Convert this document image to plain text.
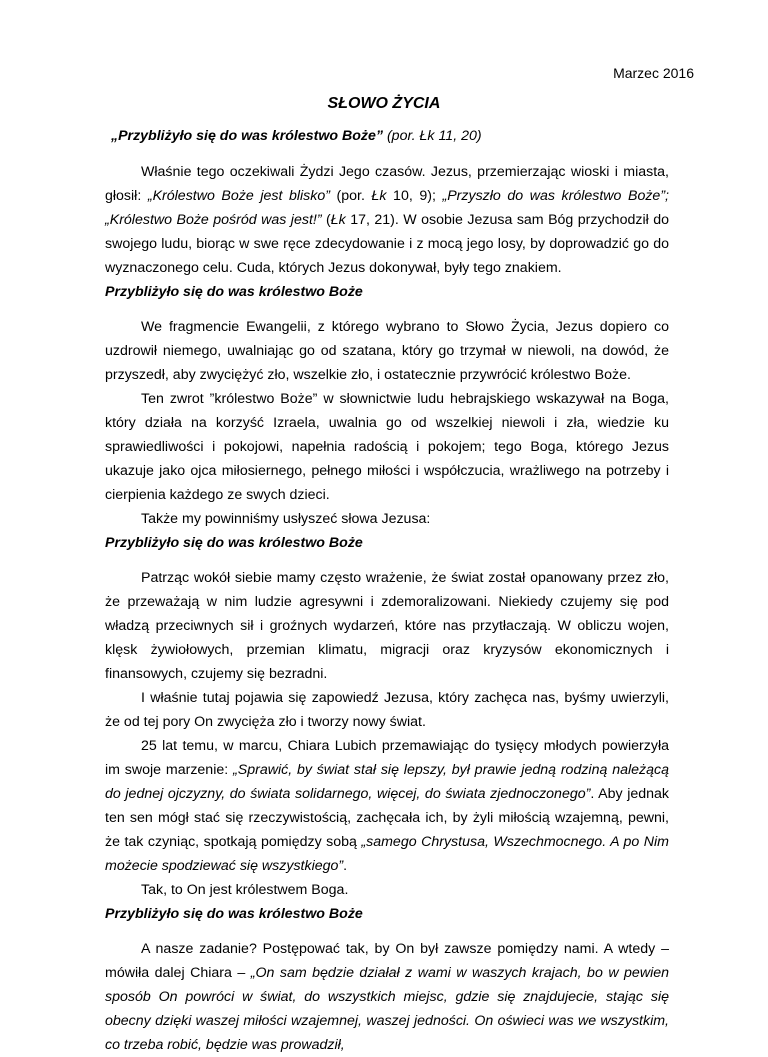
Marzec 2016
SŁOWO ŻYCIA

„Przybliżyło się do was królestwo Boże” (por. Łk 11, 20)

Właśnie tego oczekiwali Żydzi Jego czasów. Jezus, przemierzając wioski i miasta, głosił: „Królestwo Boże jest blisko” (por. Łk 10, 9); „Przyszło do was królestwo Boże”; „Królestwo Boże pośród was jest!” (Łk 17, 21). W osobie Jezusa sam Bóg przychodził do swojego ludu, biorąc w swe ręce zdecydowanie i z mocą jego losy, by doprowadzić go do wyznaczonego celu. Cuda, których Jezus dokonywał, były tego znakiem.

Przybliżyło się do was królestwo Boże

We fragmencie Ewangelii, z którego wybrano to Słowo Życia, Jezus dopiero co uzdrowił niemego, uwalniając go od szatana, który go trzymał w niewoli, na dowód, że przyszedł, aby zwyciężyć zło, wszelkie zło, i ostatecznie przywrócić królestwo Boże.

Ten zwrot ”królestwo Boże” w słownictwie ludu hebrajskiego wskazywał na Boga, który działa na korzyść Izraela, uwalnia go od wszelkiej niewoli i zła, wiedzie ku sprawiedliwości i pokojowi, napełnia radością i pokojem; tego Boga, którego Jezus ukazuje jako ojca miłosiernego, pełnego miłości i współczucia, wrażliwego na potrzeby i cierpienia każdego ze swych dzieci.

Także my powinniśmy usłyszeć słowa Jezusa:

Przybliżyło się do was królestwo Boże

Patrząc wokół siebie mamy często wrażenie, że świat został opanowany przez zło, że przeważają w nim ludzie agresywni i zdemoralizowani. Niekiedy czujemy się pod władzą przeciwnych sił i groźnych wydarzeń, które nas przytłaczają. W obliczu wojen, klęsk żywiołowych, przemian klimatu, migracji oraz kryzysów ekonomicznych i finansowych, czujemy się bezradni.

I właśnie tutaj pojawia się zapowiedź Jezusa, który zachęca nas, byśmy uwierzyli, że od tej pory On zwycięża zło i tworzy nowy świat.

25 lat temu, w marcu, Chiara Lubich przemawiając do tysięcy młodych powierzyła im swoje marzenie: „Sprawić, by świat stał się lepszy, był prawie jedną rodziną należącą do jednej ojczyzny, do świata solidarnego, więcej, do świata zjednoczonego”. Aby jednak ten sen mógł stać się rzeczywistością, zachęcała ich, by żyli miłością wzajemną, pewni, że tak czyniąc, spotkają pomiędzy sobą „samego Chrystusa, Wszechmocnego. A po Nim możecie spodziewać się wszystkiego”.

Tak, to On jest królestwem Boga.

Przybliżyło się do was królestwo Boże

A nasze zadanie? Postępować tak, by On był zawsze pomiędzy nami. A wtedy – mówiła dalej Chiara – „On sam będzie działał z wami w waszych krajach, bo w pewien sposób On powróci w świat, do wszystkich miejsc, gdzie się znajdujecie, stając się obecny dzięki waszej miłości wzajemnej, waszej jedności. On oświeci was we wszystkim, co trzeba robić, będzie was prowadził,
